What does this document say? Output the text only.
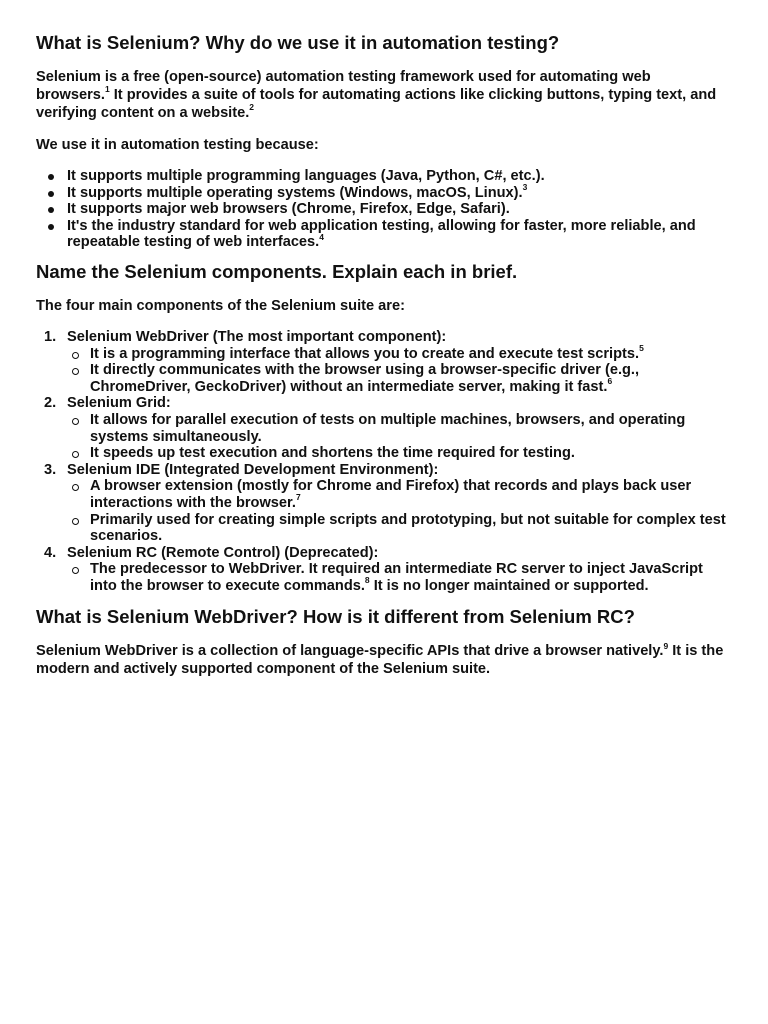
What is Selenium? Why do we use it in automation testing?

Selenium is a free (open-source) automation testing framework used for automating web browsers.$^1$ It provides a suite of tools for automating actions like clicking buttons, typing text, and verifying content on a website.$^2$

We use it in automation testing because:

It supports multiple programming languages (Java, Python, C#, etc.).
It supports multiple operating systems (Windows, macOS, Linux).$^3$
It supports major web browsers (Chrome, Firefox, Edge, Safari).
It's the industry standard for web application testing, allowing for faster, more reliable, and repeatable testing of web interfaces.$^4$
Name the Selenium components. Explain each in brief.

The four main components of the Selenium suite are:

1. Selenium WebDriver (The most important component):
It is a programming interface that allows you to create and execute test scripts.$^5$
It directly communicates with the browser using a browser-specific driver (e.g., ChromeDriver, GeckoDriver) without an intermediate server, making it fast.$^6$
2. Selenium Grid:
It allows for parallel execution of tests on multiple machines, browsers, and operating systems simultaneously.
It speeds up test execution and shortens the time required for testing.
3. Selenium IDE (Integrated Development Environment):
A browser extension (mostly for Chrome and Firefox) that records and plays back user interactions with the browser.$^7$
Primarily used for creating simple scripts and prototyping, but not suitable for complex test scenarios.
4. Selenium RC (Remote Control) (Deprecated):
The predecessor to WebDriver. It required an intermediate RC server to inject JavaScript into the browser to execute commands.$^8$ It is no longer maintained or supported.
What is Selenium WebDriver? How is it different from Selenium RC?

Selenium WebDriver is a collection of language-specific APIs that drive a browser natively.$^9$ It is the modern and actively supported component of the Selenium suite.
